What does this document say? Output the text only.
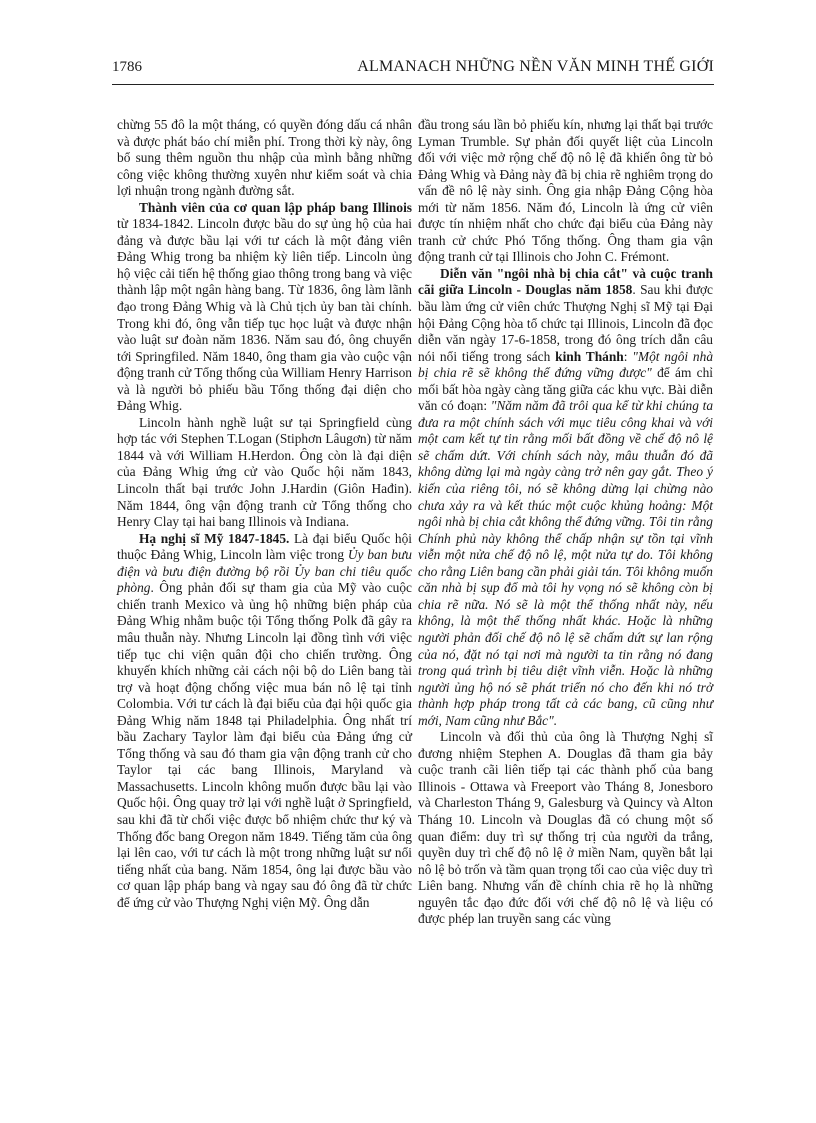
1786	ALMANACH NHỮNG NỀN VĂN MINH THẾ GIỚI

chừng 55 đô la một tháng, có quyền đóng dấu cá nhân và được phát báo chí miễn phí. Trong thời kỳ này, ông bổ sung thêm nguồn thu nhập của mình bằng những công việc không thường xuyên như kiểm soát và chia lợi nhuận trong ngành đường sắt.

Thành viên của cơ quan lập pháp bang Illinois từ 1834-1842. Lincoln được bầu do sự ủng hộ của hai đảng và được bầu lại với tư cách là một đảng viên Đảng Whig trong ba nhiệm kỳ liên tiếp. Lincoln ủng hộ việc cải tiến hệ thống giao thông trong bang và việc thành lập một ngân hàng bang. Từ 1836, ông làm lãnh đạo trong Đảng Whig và là Chủ tịch ủy ban tài chính. Trong khi đó, ông vẫn tiếp tục học luật và được nhận vào luật sư đoàn năm 1836. Năm sau đó, ông chuyển tới Springfiled. Năm 1840, ông tham gia vào cuộc vận động tranh cử Tổng thống của William Henry Harrison và là người bỏ phiếu bầu Tổng thống đại diện cho Đảng Whig.

Lincoln hành nghề luật sư tại Springfield cùng hợp tác với Stephen T.Logan (Stiphơn Lâugơn) từ năm 1844 và với William H.Herdon. Ông còn là đại diện của Đảng Whig ứng cử vào Quốc hội năm 1843, Lincoln thất bại trước John J.Hardin (Giôn Hađin). Năm 1844, ông vận động tranh cử Tổng thống cho Henry Clay tại hai bang Illinois và Indiana.

Hạ nghị sĩ Mỹ 1847-1845. Là đại biểu Quốc hội thuộc Đảng Whig, Lincoln làm việc trong Ủy ban bưu điện và bưu điện đường bộ rồi Ủy ban chi tiêu quốc phòng. Ông phản đối sự tham gia của Mỹ vào cuộc chiến tranh Mexico và ủng hộ những biện pháp của Đảng Whig nhằm buộc tội Tổng thống Polk đã gây ra mâu thuẫn này. Nhưng Lincoln lại đồng tình với việc tiếp tục chi viện quân đội cho chiến trường. Ông khuyến khích những cải cách nội bộ do Liên bang tài trợ và hoạt động chống việc mua bán nô lệ tại tỉnh Colombia. Với tư cách là đại biểu của đại hội quốc gia Đảng Whig năm 1848 tại Philadelphia. Ông nhất trí bầu Zachary Taylor làm đại biểu của Đảng ứng cử Tổng thống và sau đó tham gia vận động tranh cử cho Taylor tại các bang Illinois, Maryland và Massachusetts. Lincoln không muốn được bầu lại vào Quốc hội. Ông quay trở lại với nghề luật ở Springfield, sau khi đã từ chối việc được bổ nhiệm chức thư ký và Thống đốc bang Oregon năm 1849. Tiếng tăm của ông lại lên cao, với tư cách là một trong những luật sư nổi tiếng nhất của bang. Năm 1854, ông lại được bầu vào cơ quan lập pháp bang và ngay sau đó ông đã từ chức để ứng cử vào Thượng Nghị viện Mỹ. Ông dẫn

đầu trong sáu lần bỏ phiếu kín, nhưng lại thất bại trước Lyman Trumble. Sự phản đối quyết liệt của Lincoln đối với việc mở rộng chế độ nô lệ đã khiến ông từ bỏ Đảng Whig và Đảng này đã bị chia rẽ nghiêm trọng do vấn đề nô lệ này sinh. Ông gia nhập Đảng Cộng hòa mới từ năm 1856. Năm đó, Lincoln là ứng cử viên được tín nhiệm nhất cho chức đại biểu của Đảng này tranh cử chức Phó Tổng thống. Ông tham gia vận động tranh cử tại Illinois cho John C. Frémont.

Diễn văn "ngôi nhà bị chia cắt" và cuộc tranh cãi giữa Lincoln - Douglas năm 1858. Sau khi được bầu làm ứng cử viên chức Thượng Nghị sĩ Mỹ tại Đại hội Đảng Cộng hòa tổ chức tại Illinois, Lincoln đã đọc diễn văn ngày 17-6-1858, trong đó ông trích dẫn câu nói nổi tiếng trong sách kinh Thánh: "Một ngôi nhà bị chia rẽ sẽ không thể đứng vững được" để ám chỉ mối bất hòa ngày càng tăng giữa các khu vực. Bài diễn văn có đoạn: "Năm năm đã trôi qua kể từ khi chúng ta đưa ra một chính sách với mục tiêu công khai và với một cam kết tự tin rằng mối bất đồng về chế độ nô lệ sẽ chấm dứt. Với chính sách này, mâu thuẫn đó đã không dừng lại mà ngày càng trở nên gay gắt. Theo ý kiến của riêng tôi, nó sẽ không dừng lại chừng nào chưa xảy ra và kết thúc một cuộc khủng hoảng: Một ngôi nhà bị chia cắt không thể đứng vững. Tôi tin rằng Chính phủ này không thể chấp nhận sự tồn tại vĩnh viễn một nửa chế độ nô lệ, một nửa tự do. Tôi không cho rằng Liên bang cần phải giải tán. Tôi không muốn căn nhà bị sụp đổ mà tôi hy vọng nó sẽ không còn bị chia rẽ nữa. Nó sẽ là một thể thống nhất này, nếu không, là một thể thống nhất khác. Hoặc là những người phản đối chế độ nô lệ sẽ chấm dứt sự lan rộng của nó, đặt nó tại nơi mà người ta tin rằng nó đang trong quá trình bị tiêu diệt vĩnh viễn. Hoặc là những người ủng hộ nó sẽ phát triển nó cho đến khi nó trở thành hợp pháp trong tất cả các bang, cũ cũng như mới, Nam cũng như Bắc".

Lincoln và đối thủ của ông là Thượng Nghị sĩ đương nhiệm Stephen A. Douglas đã tham gia bảy cuộc tranh cãi liên tiếp tại các thành phố của bang Illinois - Ottawa và Freeport vào Tháng 8, Jonesboro và Charleston Tháng 9, Galesburg và Quincy và Alton Tháng 10. Lincoln và Douglas đã có chung một số quan điểm: duy trì sự thống trị của người da trắng, quyền duy trì chế độ nô lệ ở miền Nam, quyền bắt lại nô lệ bỏ trốn và tầm quan trọng tối cao của việc duy trì Liên bang. Nhưng vấn đề chính chia rẽ họ là những nguyên tắc đạo đức đối với chế độ nô lệ và liệu có được phép lan truyền sang các vùng
